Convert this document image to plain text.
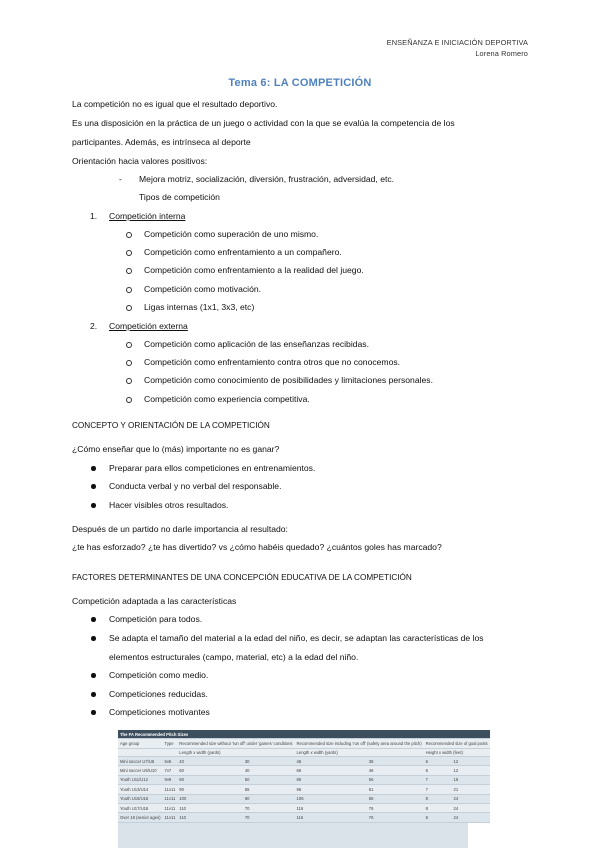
ENSEÑANZA E INICIACIÓN DEPORTIVA
Lorena Romero
Tema 6: LA COMPETICIÓN
La competición no es igual que el resultado deportivo.
Es una disposición en la práctica de un juego o actividad con la que se evalúa la competencia de los
participantes. Además, es intrínseca al deporte
Orientación hacia valores positivos:
- Mejora motriz, socialización, diversión, frustración, adversidad, etc.
Tipos de competición
1. Competición interna
Competición como superación de uno mismo.
Competición como enfrentamiento a un compañero.
Competición como enfrentamiento a la realidad del juego.
Competición como motivación.
Ligas internas (1x1, 3x3, etc)
2. Competición externa
Competición como aplicación de las enseñanzas recibidas.
Competición como enfrentamiento contra otros que no conocemos.
Competición como conocimiento de posibilidades y limitaciones personales.
Competición como experiencia competitiva.
CONCEPTO Y ORIENTACIÓN DE LA COMPETICIÓN
¿Cómo enseñar que lo (más) importante no es ganar?
Preparar para ellos competiciones en entrenamientos.
Conducta verbal y no verbal del responsable.
Hacer visibles otros resultados.
Después de un partido no darle importancia al resultado:
¿te has esforzado? ¿te has divertido? vs ¿cómo habéis quedado? ¿cuántos goles has marcado?
FACTORES DETERMINANTES DE UNA CONCEPCIÓN EDUCATIVA DE LA COMPETICIÓN
Competición adaptada a las características
Competición para todos.
Se adapta el tamaño del material a la edad del niño, es decir, se adaptan las características de los
elementos estructurales (campo, material, etc) a la edad del niño.
Competición como medio.
Competiciones reducidas.
Competiciones motivantes
The FA Recommended Pitch Sizes							
Age group	Type	Recommended size without 'run off' under 'games' conditions		Recommended size including 'run off' (safety area around the pitch)		Recommended size of goal posts	
		Length x width (yards)		Length x width (yards)		Height x width (feet)	
Mini soccer U7/U8	5v5	40	30	46	36	6	12
Mini soccer U9/U10	7v7	60	40	66	46	6	12
Youth U11/U12	9v9	80	50	86	56	7	16
Youth U13/U14	11v11	90	55	96	61	7	21
Youth U15/U16	11v11	100	60	106	66	8	24
Youth U17/U18	11v11	110	70	116	76	8	24
Over 18 (senior ages)	11v11	110	70	116	76	8	24
